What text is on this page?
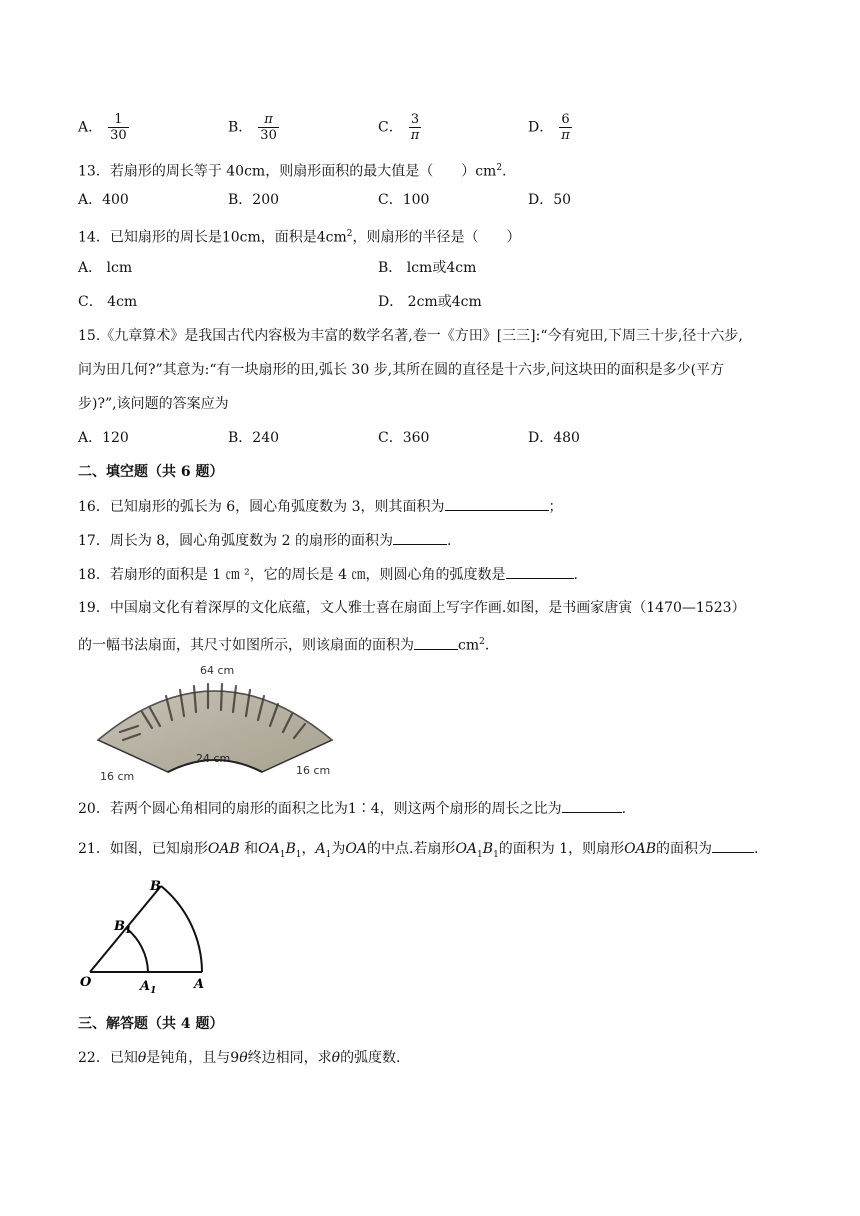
A． $\frac{1}{30}$	B． $\frac{\pi}{30}$	C． $\frac{3}{\pi}$	D． $\frac{6}{\pi}$
13．若扇形的周长等于 40cm，则扇形面积的最大值是（　　）$cm^2$.
A．400	B．200	C．100	D．50
14．已知扇形的周长是10cm，面积是$4cm^2$，则扇形的半径是（　　）
A． lcm	B． lcm或4cm
C． 4cm	D． 2cm或4cm
15.《九章算术》是我国古代内容极为丰富的数学名著,卷一《方田》[三三]:“今有宛田,下周三十步,径十六步,
问为田几何?”其意为:“有一块扇形的田,弧长 30 步,其所在圆的直径是十六步,问这块田的面积是多少(平方
步)?”,该问题的答案应为
A．120	B．240	C．360	D．480
二、填空题（共 6 题）
16．已知扇形的弧长为 6，圆心角弧度数为 3，则其面积为	；
17．周长为 8，圆心角弧度数为 2 的扇形的面积为	.
18．若扇形的面积是 1 ㎝ ²，它的周长是 4 ㎝，则圆心角的弧度数是	.
19．中国扇文化有着深厚的文化底蕴，文人雅士喜在扇面上写字作画.如图，是书画家唐寅（1470—1523）
的一幅书法扇面，其尺寸如图所示，则该扇面的面积为	$cm^2$.
64 cm
24 cm
16 cm	16 cm
20．若两个圆心角相同的扇形的面积之比为1∶4，则这两个扇形的周长之比为	.
21．如图，已知扇形OAB 和$OA_1B_1$，$A_1$为OA的中点.若扇形$OA_1B_1$的面积为 1，则扇形OAB的面积为	.
O	A
$A_1$
B
$B_1$
三、解答题（共 4 题）
22．已知θ是钝角，且与9θ终边相同，求θ的弧度数.
